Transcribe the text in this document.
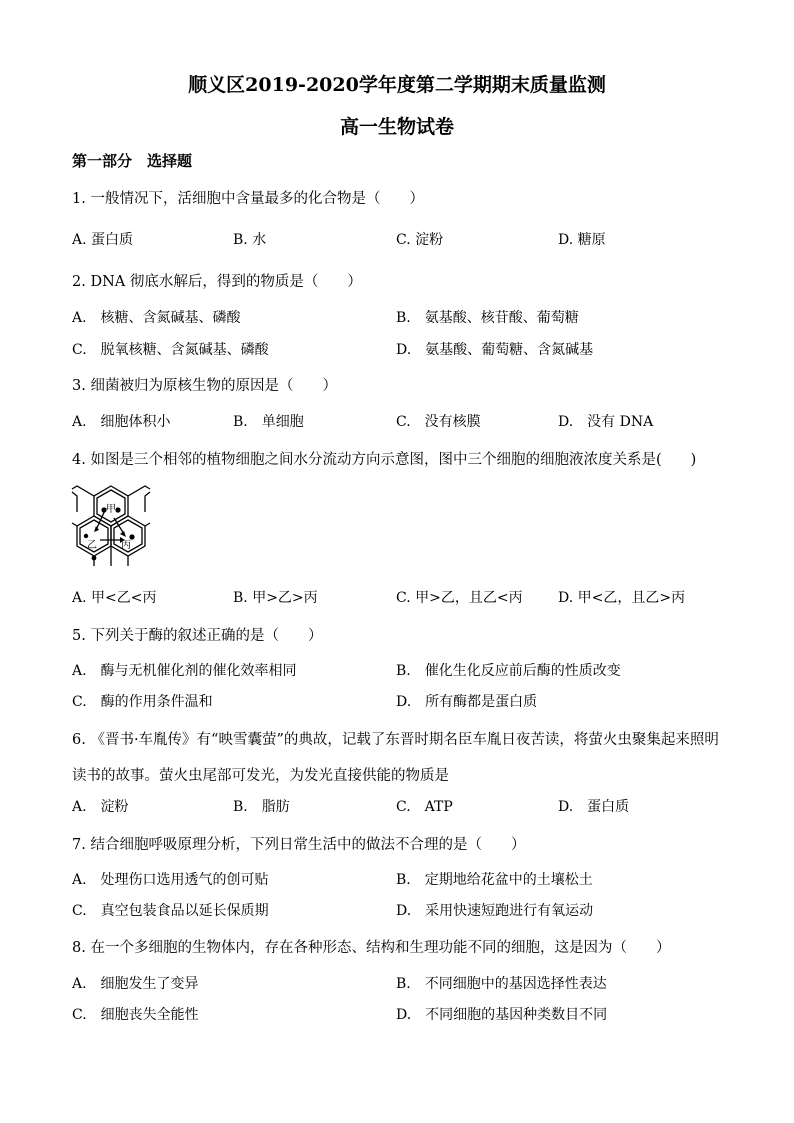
顺义区2019-2020学年度第二学期期末质量监测
高一生物试卷
第一部分　选择题
1. 一般情况下，活细胞中含量最多的化合物是（　　）
A. 蛋白质	B. 水	C. 淀粉	D. 糖原
2. DNA 彻底水解后，得到的物质是（　　）
A.　核糖、含氮碱基、磷酸	B.　氨基酸、核苷酸、葡萄糖
C.　脱氧核糖、含氮碱基、磷酸	D.　氨基酸、葡萄糖、含氮碱基
3. 细菌被归为原核生物的原因是（　　）
A.　细胞体积小	B.　单细胞	C.　没有核膜	D.　没有 DNA
4. 如图是三个相邻的植物细胞之间水分流动方向示意图，图中三个细胞的细胞液浓度关系是(　　)
甲
乙 丙
A. 甲<乙<丙	B. 甲>乙>丙	C. 甲>乙，且乙<丙	D. 甲<乙，且乙>丙
5. 下列关于酶的叙述正确的是（　　）
A.　酶与无机催化剂的催化效率相同	B.　催化生化反应前后酶的性质改变
C.　酶的作用条件温和	D.　所有酶都是蛋白质
6. 《晋书·车胤传》有“映雪囊萤”的典故，记载了东晋时期名臣车胤日夜苦读，将萤火虫聚集起来照明
读书的故事。萤火虫尾部可发光，为发光直接供能的物质是
A.　淀粉	B.　脂肪	C.　ATP	D.　蛋白质
7. 结合细胞呼吸原理分析，下列日常生活中的做法不合理的是（　　）
A.　处理伤口选用透气的创可贴	B.　定期地给花盆中的土壤松土
C.　真空包装食品以延长保质期	D.　采用快速短跑进行有氧运动
8. 在一个多细胞的生物体内，存在各种形态、结构和生理功能不同的细胞，这是因为（　　）
A.　细胞发生了变异	B.　不同细胞中的基因选择性表达
C.　细胞丧失全能性	D.　不同细胞的基因种类数目不同
